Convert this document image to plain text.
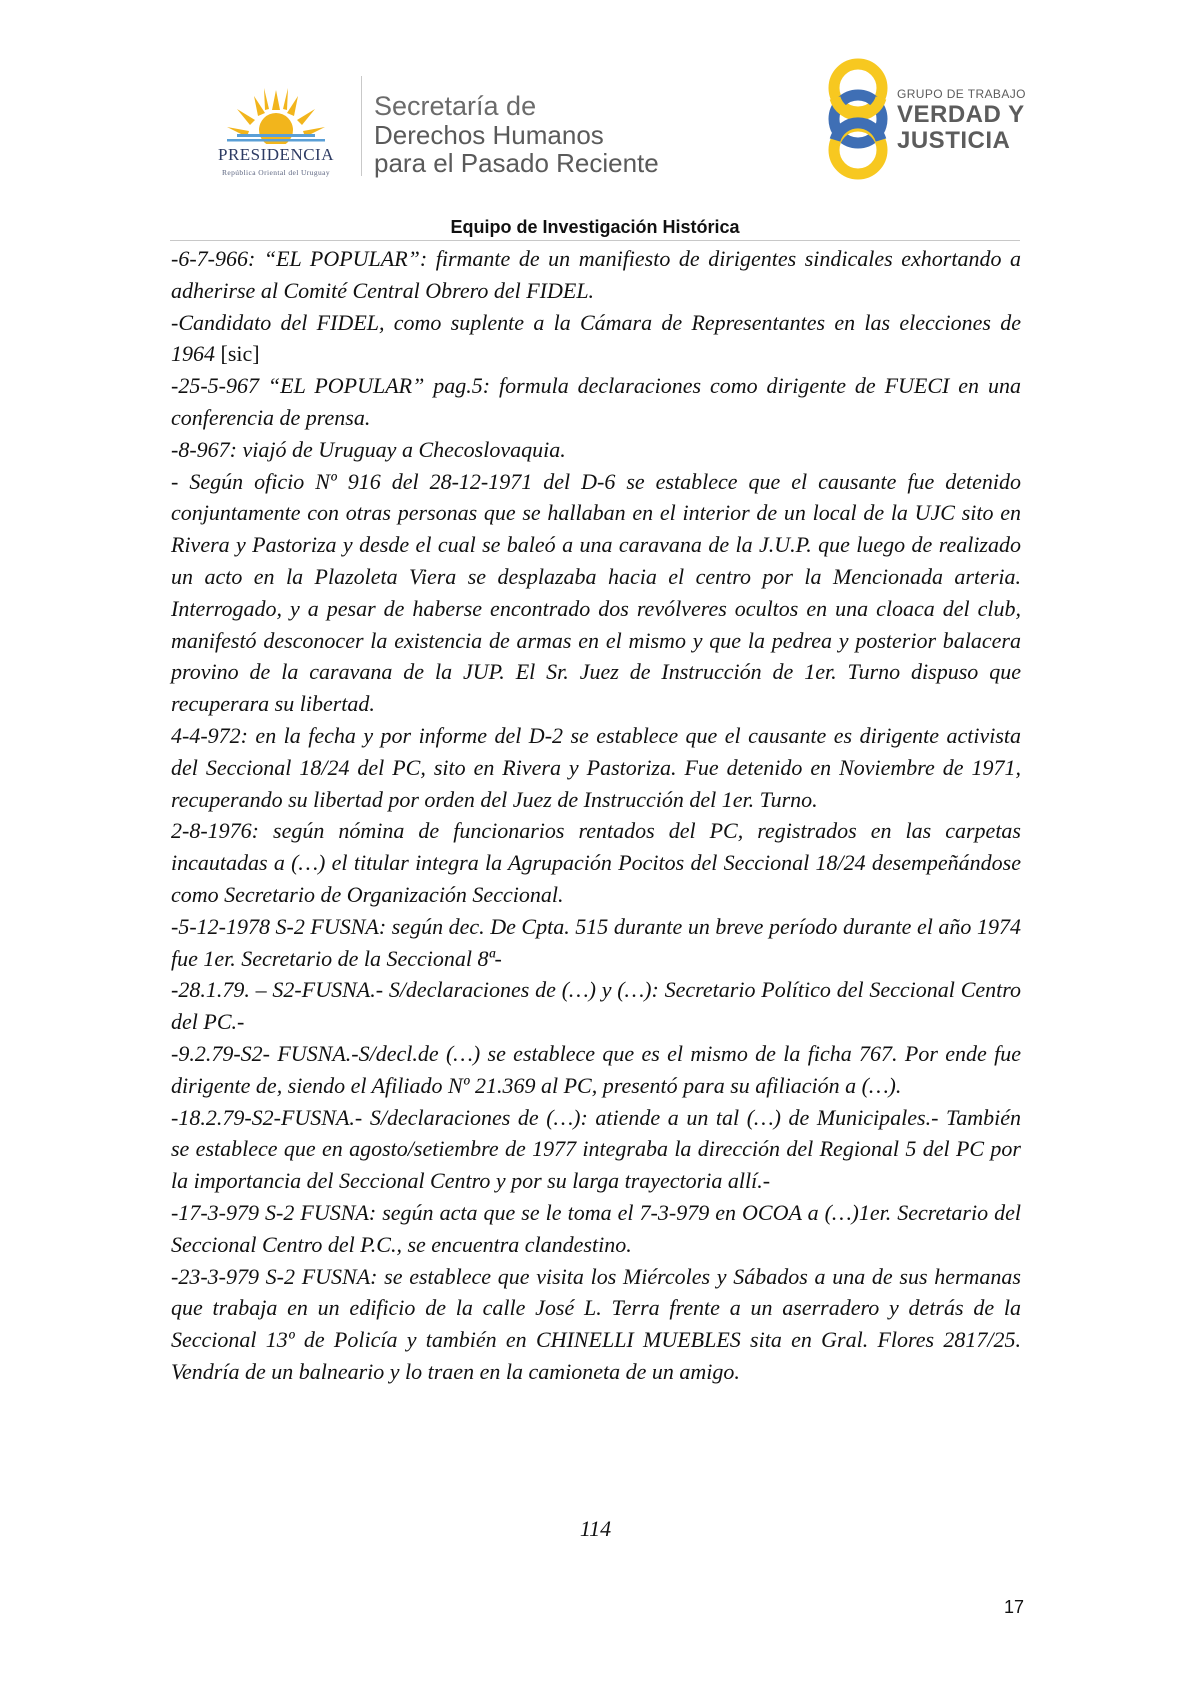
PRESIDENCIA
República Oriental del Uruguay
Secretaría de
Derechos Humanos
para el Pasado Reciente
GRUPO DE TRABAJO
VERDAD Y
JUSTICIA
Equipo de Investigación Histórica

-6-7-966: “EL POPULAR”: firmante de un manifiesto de dirigentes sindicales exhortando a adherirse al Comité Central Obrero del FIDEL.

-Candidato del FIDEL, como suplente a la Cámara de Representantes en las elecciones de 1964 [sic]

-25-5-967 “EL POPULAR” pag.5: formula declaraciones como dirigente de FUECI en una conferencia de prensa.

-8-967: viajó de Uruguay a Checoslovaquia.

- Según oficio Nº 916 del 28-12-1971 del D-6 se establece que el causante fue detenido conjuntamente con otras personas que se hallaban en el interior de un local de la UJC sito en Rivera y Pastoriza y desde el cual se baleó a una caravana de la J.U.P. que luego de realizado un acto en la Plazoleta Viera se desplazaba hacia el centro por la Mencionada arteria. Interrogado, y a pesar de haberse encontrado dos revólveres ocultos en una cloaca del club, manifestó desconocer la existencia de armas en el mismo y que la pedrea y posterior balacera provino de la caravana de la JUP. El Sr. Juez de Instrucción de 1er. Turno dispuso que recuperara su libertad.

4-4-972: en la fecha y por informe del D-2 se establece que el causante es dirigente activista del Seccional 18/24 del PC, sito en Rivera y Pastoriza. Fue detenido en Noviembre de 1971, recuperando su libertad por orden del Juez de Instrucción del 1er. Turno.

2-8-1976: según nómina de funcionarios rentados del PC, registrados en las carpetas incautadas a (…) el titular integra la Agrupación Pocitos del Seccional 18/24 desempeñándose como Secretario de Organización Seccional.

-5-12-1978 S-2 FUSNA: según dec. De Cpta. 515 durante un breve período durante el año 1974 fue 1er. Secretario de la Seccional 8ª-

-28.1.79. – S2-FUSNA.- S/declaraciones de (…) y (…): Secretario Político del Seccional Centro del PC.-

-9.2.79-S2- FUSNA.-S/decl.de (…) se establece que es el mismo de la ficha 767. Por ende fue dirigente de, siendo el Afiliado Nº 21.369 al PC, presentó para su afiliación a (…).

-18.2.79-S2-FUSNA.- S/declaraciones de (…): atiende a un tal (…) de Municipales.- También se establece que en agosto/setiembre de 1977 integraba la dirección del Regional 5 del PC por la importancia del Seccional Centro y por su larga trayectoria allí.-

-17-3-979 S-2 FUSNA: según acta que se le toma el 7-3-979 en OCOA a (…)1er. Secretario del Seccional Centro del P.C., se encuentra clandestino.

-23-3-979 S-2 FUSNA: se establece que visita los Miércoles y Sábados a una de sus hermanas que trabaja en un edificio de la calle José L. Terra frente a un aserradero y detrás de la Seccional 13º de Policía y también en CHINELLI MUEBLES sita en Gral. Flores 2817/25. Vendría de un balneario y lo traen en la camioneta de un amigo.

114
17
